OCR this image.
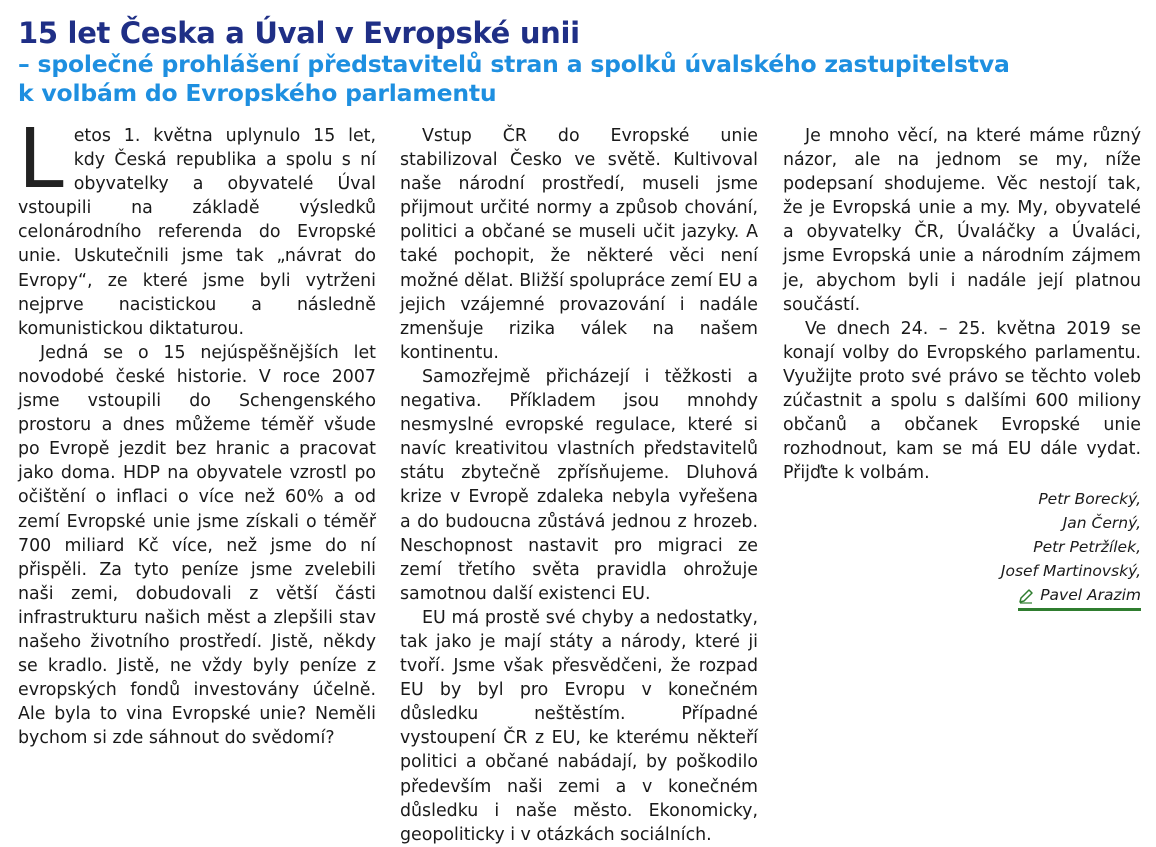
15 let Česka a Úval v Evropské unii
– společné prohlášení představitelů stran a spolků úvalského zastupitelstva
k volbám do Evropského parlamentu

Letos 1. května uplynulo 15 let, kdy Česká republika a spolu s ní obyvatelky a obyvatelé Úval vstoupili na základě výsledků celonárodního referenda do Evropské unie. Uskutečnili jsme tak „návrat do Evropy“, ze které jsme byli vytrženi nejprve nacistickou a následně komunistickou diktaturou.

Jedná se o 15 nejúspěšnějších let novodobé české historie. V roce 2007 jsme vstoupili do Schengenského prostoru a dnes můžeme téměř všude po Evropě jezdit bez hranic a pracovat jako doma. HDP na obyvatele vzrostl po očištění o inflaci o více než 60% a od zemí Evropské unie jsme získali o téměř 700 miliard Kč více, než jsme do ní přispěli. Za tyto peníze jsme zvelebili naši zemi, dobudovali z větší části infrastrukturu našich měst a zlepšili stav našeho životního prostředí. Jistě, někdy se kradlo. Jistě, ne vždy byly peníze z evropských fondů investovány účelně. Ale byla to vina Evropské unie? Neměli bychom si zde sáhnout do svědomí?

Vstup ČR do Evropské unie stabilizoval Česko ve světě. Kultivoval naše národní prostředí, museli jsme přijmout určité normy a způsob chování, politici a občané se museli učit jazyky. A také pochopit, že některé věci není možné dělat. Bližší spolupráce zemí EU a jejich vzájemné provazování i nadále zmenšuje rizika válek na našem kontinentu.

Samozřejmě přicházejí i těžkosti a negativa. Příkladem jsou mnohdy nesmyslné evropské regulace, které si navíc kreativitou vlastních představitelů státu zbytečně zpřísňujeme. Dluhová krize v Evropě zdaleka nebyla vyřešena a do budoucna zůstává jednou z hrozeb. Neschopnost nastavit pro migraci ze zemí třetího světa pravidla ohrožuje samotnou další existenci EU.

EU má prostě své chyby a nedostatky, tak jako je mají státy a národy, které ji tvoří. Jsme však přesvědčeni, že rozpad EU by byl pro Evropu v konečném důsledku neštěstím. Případné vystoupení ČR z EU, ke kterému někteří politici a občané nabádají, by poškodilo především naši zemi a v konečném důsledku i naše město. Ekonomicky, geopoliticky i v otázkách sociálních.

Je mnoho věcí, na které máme různý názor, ale na jednom se my, níže podepsaní shodujeme. Věc nestojí tak, že je Evropská unie a my. My, obyvatelé a obyvatelky ČR, Úvaláčky a Úvaláci, jsme Evropská unie a národním zájmem je, abychom byli i nadále její platnou součástí.

Ve dnech 24. – 25. května 2019 se konají volby do Evropského parlamentu. Využijte proto své právo se těchto voleb zúčastnit a spolu s dalšími 600 miliony občanů a občanek Evropské unie rozhodnout, kam se má EU dále vydat. Přijďte k volbám.

Petr Borecký,

Jan Černý,

Petr Petržílek,

Josef Martinovský,

Pavel Arazim
